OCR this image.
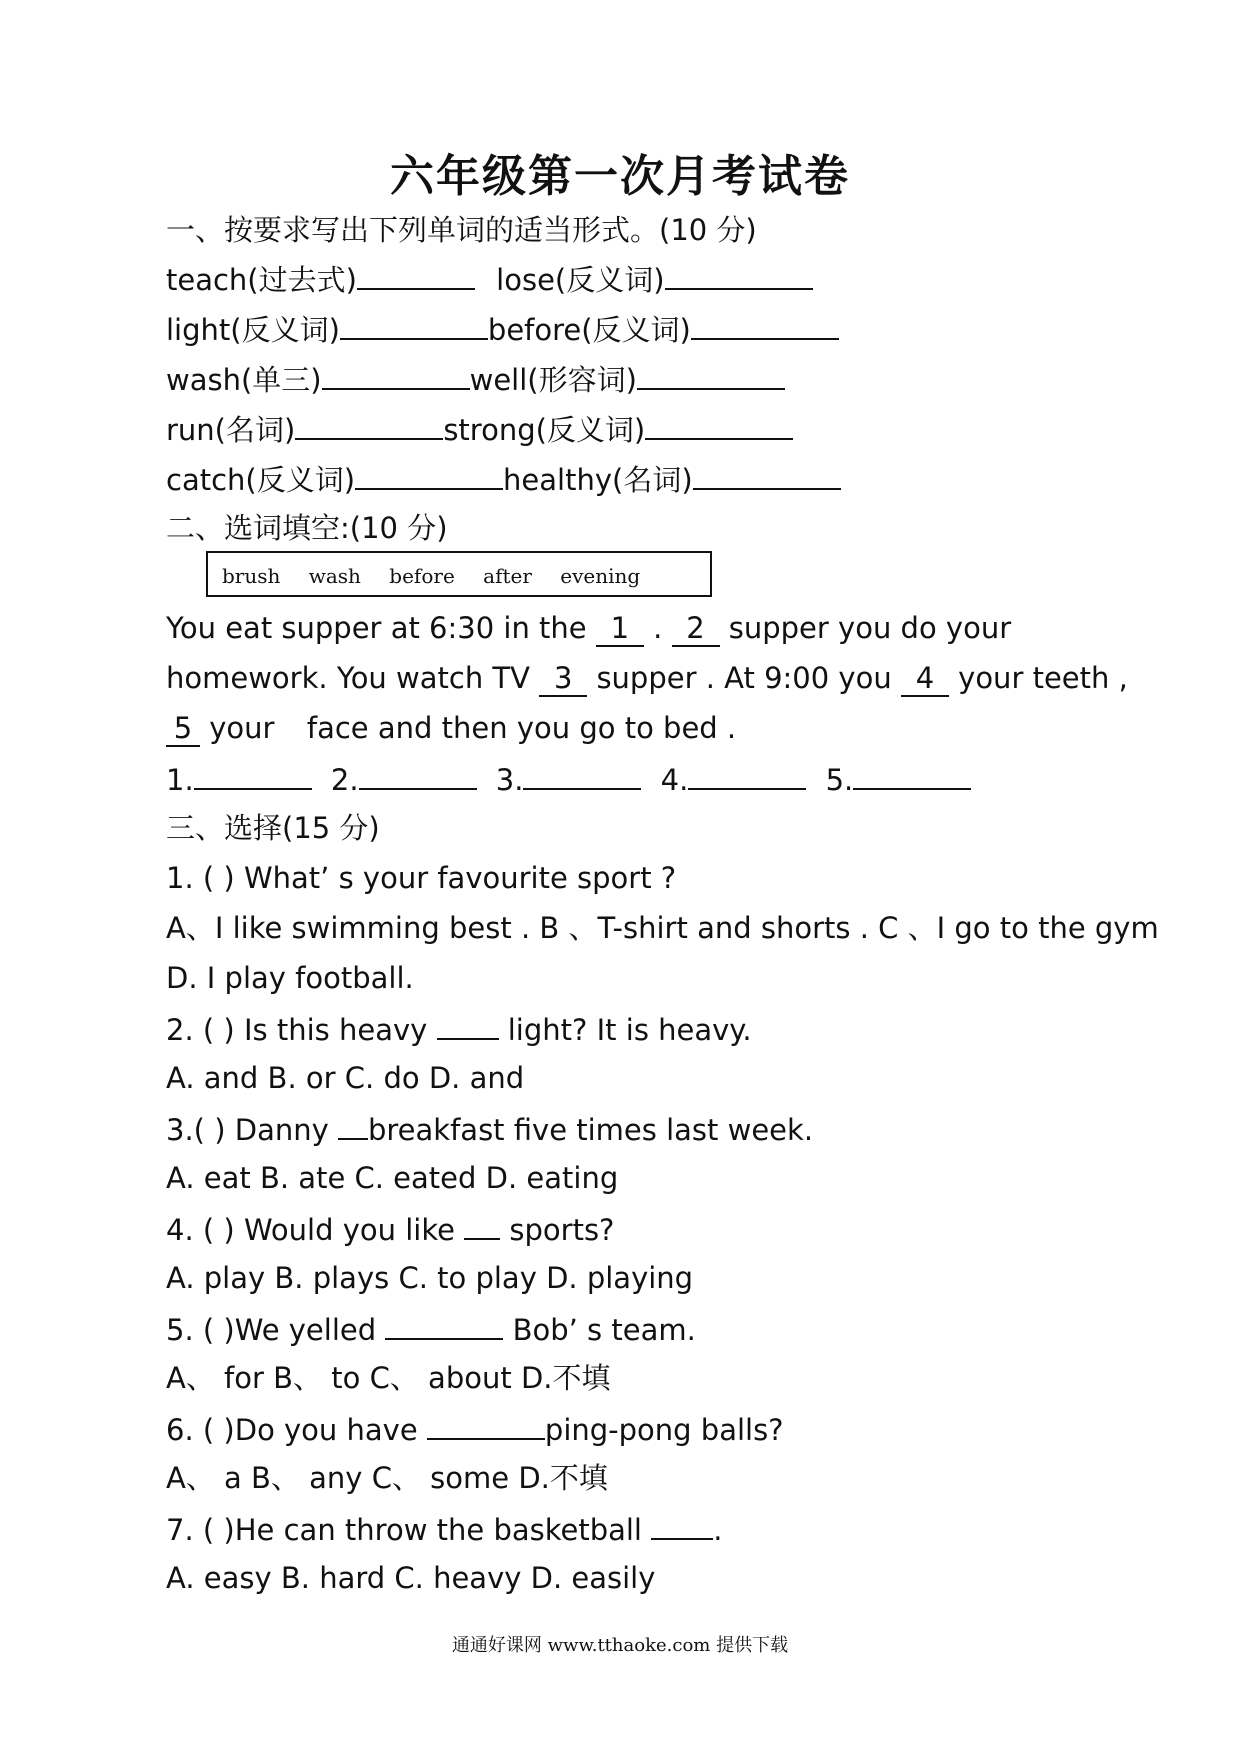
六年级第一次月考试卷
一、按要求写出下列单词的适当形式。(10 分)
teach(过去式)	lose(反义词)
light(反义词)	before(反义词)
wash(单三)	well(形容词)
run(名词)	strong(反义词)
catch(反义词)	healthy(名词)
二、选词填空:(10 分)
brush wash before after evening
You eat supper at 6:30 in the 1 . 2 supper you do your
homework. You watch TV 3 supper . At 9:00 you 4 your teeth ,
5 your face and then you go to bed .
1.	2.	3.	4.	5.
三、选择(15 分)
1. ( ) What’ s your favourite sport ?
A、I like swimming best . B 、T-shirt and shorts . C 、I go to the gym
D. I play football.
2. ( ) Is this heavy	light? It is heavy.
A. and B. or C. do D. and
3.( ) Danny breakfast five times last week.
A. eat B. ate C. eated D. eating
4. ( ) Would you like sports?
A. play B. plays C. to play D. playing
5. ( )We yelled	Bob’ s team.
A、 for B、 to C、 about D.不填
6. ( )Do you have	ping-pong balls?
A、 a B、 any C、 some D.不填
7. ( )He can throw the basketball .
A. easy B. hard C. heavy D. easily
通通好课网 www.tthaoke.com 提供下载
